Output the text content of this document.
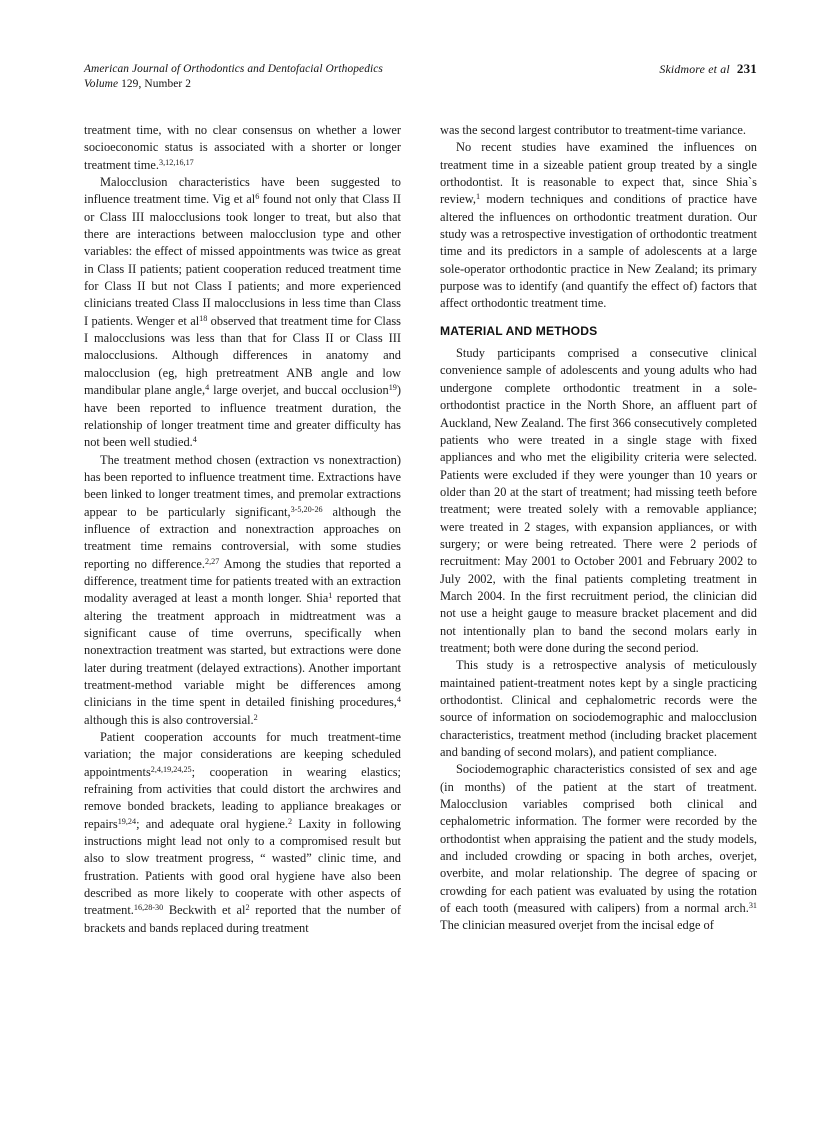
American Journal of Orthodontics and Dentofacial Orthopedics
Volume 129, Number 2
Skidmore et al 231

treatment time, with no clear consensus on whether a lower socioeconomic status is associated with a shorter or longer treatment time.$^{3,12,16,17}$

Malocclusion characteristics have been suggested to influence treatment time. Vig et $al^6$ found not only that Class II or Class III malocclusions took longer to treat, but also that there are interactions between malocclusion type and other variables: the effect of missed appointments was twice as great in Class II patients; patient cooperation reduced treatment time for Class II but not Class I patients; and more experienced clinicians treated Class II malocclusions in less time than Class I patients. Wenger et $al^{18}$ observed that treatment time for Class I malocclusions was less than that for Class II or Class III malocclusions. Although differences in anatomy and malocclusion (eg, high pretreatment ANB angle and low mandibular plane angle,$^4$ large overjet, and buccal occlusion$^{19}$) have been reported to influence treatment duration, the relationship of longer treatment time and greater difficulty has not been well studied.$^4$

The treatment method chosen (extraction vs nonextraction) has been reported to influence treatment time. Extractions have been linked to longer treatment times, and premolar extractions appear to be particularly significant,$^{3-5,20-26}$ although the influence of extraction and nonextraction approaches on treatment time remains controversial, with some studies reporting no difference.$^{2,27}$ Among the studies that reported a difference, treatment time for patients treated with an extraction modality averaged at least a month longer. Shia$^1$ reported that altering the treatment approach in midtreatment was a significant cause of time overruns, specifically when nonextraction treatment was started, but extractions were done later during treatment (delayed extractions). Another important treatment-method variable might be differences among clinicians in the time spent in detailed finishing procedures,$^4$ although this is also controversial.$^2$

Patient cooperation accounts for much treatment-time variation; the major considerations are keeping scheduled appointments$^{2,4,19,24,25}$; cooperation in wearing elastics; refraining from activities that could distort the archwires and remove bonded brackets, leading to appliance breakages or repairs$^{19,24}$; and adequate oral hygiene.$^2$ Laxity in following instructions might lead not only to a compromised result but also to slow treatment progress, “ wasted” clinic time, and frustration. Patients with good oral hygiene have also been described as more likely to cooperate with other aspects of treatment.$^{16,28-30}$ Beckwith et $al^2$ reported that the number of brackets and bands replaced during treatment

was the second largest contributor to treatment-time variance.

No recent studies have examined the influences on treatment time in a sizeable patient group treated by a single orthodontist. It is reasonable to expect that, since Shia`s review,$^1$ modern techniques and conditions of practice have altered the influences on orthodontic treatment duration. Our study was a retrospective investigation of orthodontic treatment time and its predictors in a sample of adolescents at a large sole-operator orthodontic practice in New Zealand; its primary purpose was to identify (and quantify the effect of) factors that affect orthodontic treatment time.

MATERIAL AND METHODS

Study participants comprised a consecutive clinical convenience sample of adolescents and young adults who had undergone complete orthodontic treatment in a sole-orthodontist practice in the North Shore, an affluent part of Auckland, New Zealand. The first 366 consecutively completed patients who were treated in a single stage with fixed appliances and who met the eligibility criteria were selected. Patients were excluded if they were younger than 10 years or older than 20 at the start of treatment; had missing teeth before treatment; were treated solely with a removable appliance; were treated in 2 stages, with expansion appliances, or with surgery; or were being retreated. There were 2 periods of recruitment: May 2001 to October 2001 and February 2002 to July 2002, with the final patients completing treatment in March 2004. In the first recruitment period, the clinician did not use a height gauge to measure bracket placement and did not intentionally plan to band the second molars early in treatment; both were done during the second period.

This study is a retrospective analysis of meticulously maintained patient-treatment notes kept by a single practicing orthodontist. Clinical and cephalometric records were the source of information on sociodemographic and malocclusion characteristics, treatment method (including bracket placement and banding of second molars), and patient compliance.

Sociodemographic characteristics consisted of sex and age (in months) of the patient at the start of treatment. Malocclusion variables comprised both clinical and cephalometric information. The former were recorded by the orthodontist when appraising the patient and the study models, and included crowding or spacing in both arches, overjet, overbite, and molar relationship. The degree of spacing or crowding for each patient was evaluated by using the rotation of each tooth (measured with calipers) from a normal arch.$^{31}$ The clinician measured overjet from the incisal edge of
